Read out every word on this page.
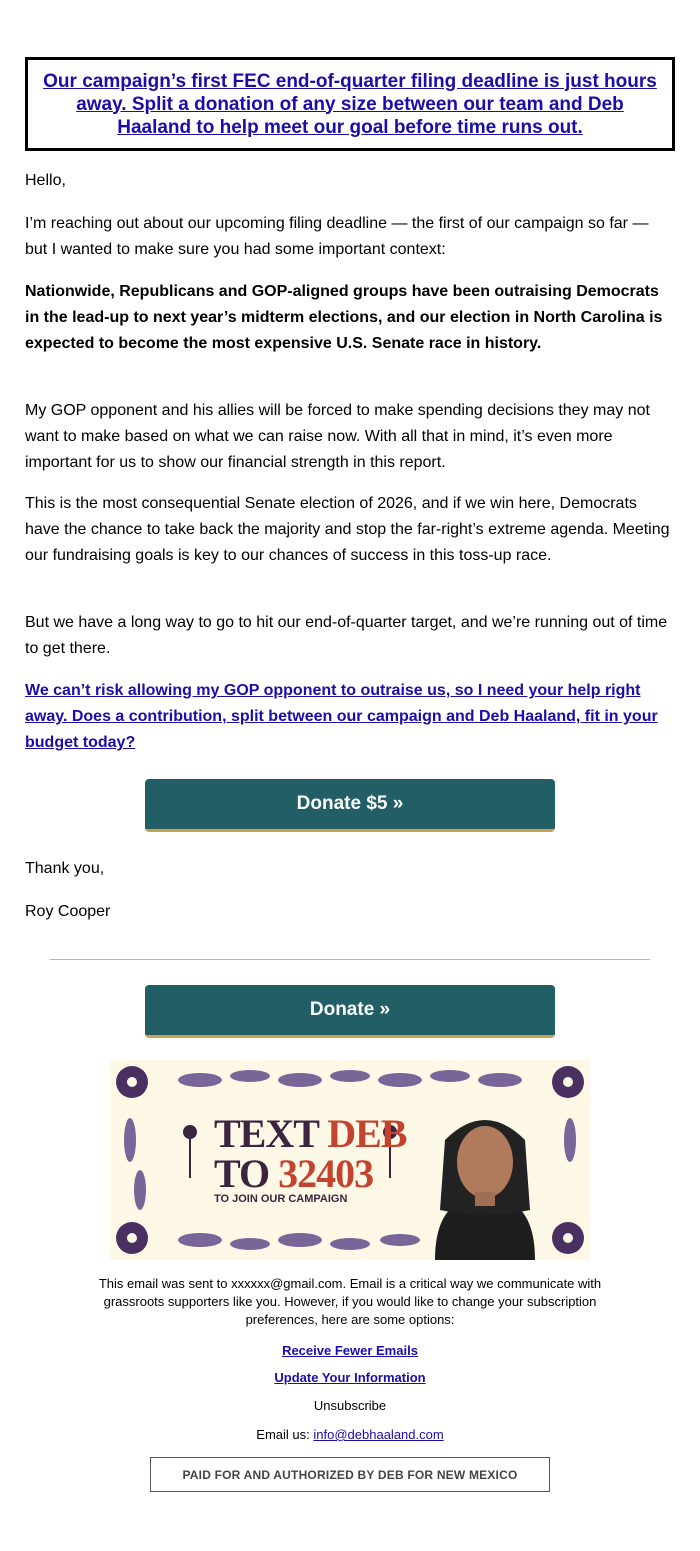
Our campaign’s first FEC end-of-quarter filing deadline is just hours away. Split a donation of any size between our team and Deb Haaland to help meet our goal before time runs out.
Hello,
I’m reaching out about our upcoming filing deadline — the first of our campaign so far — but I wanted to make sure you had some important context:
Nationwide, Republicans and GOP-aligned groups have been outraising Democrats in the lead-up to next year’s midterm elections, and our election in North Carolina is expected to become the most expensive U.S. Senate race in history.
My GOP opponent and his allies will be forced to make spending decisions they may not want to make based on what we can raise now. With all that in mind, it’s even more important for us to show our financial strength in this report.
This is the most consequential Senate election of 2026, and if we win here, Democrats have the chance to take back the majority and stop the far-right’s extreme agenda. Meeting our fundraising goals is key to our chances of success in this toss-up race.
But we have a long way to go to hit our end-of-quarter target, and we’re running out of time to get there.
We can’t risk allowing my GOP opponent to outraise us, so I need your help right away. Does a contribution, split between our campaign and Deb Haaland, fit in your budget today?
Donate $5 »
Thank you,
Roy Cooper
Donate »
TEXT DEB
TO 32403
TO JOIN OUR CAMPAIGN
This email was sent to xxxxxx@gmail.com. Email is a critical way we communicate with grassroots supporters like you. However, if you would like to change your subscription preferences, here are some options:
Receive Fewer Emails
Update Your Information
Unsubscribe
Email us: info@debhaaland.com
PAID FOR AND AUTHORIZED BY DEB FOR NEW MEXICO
